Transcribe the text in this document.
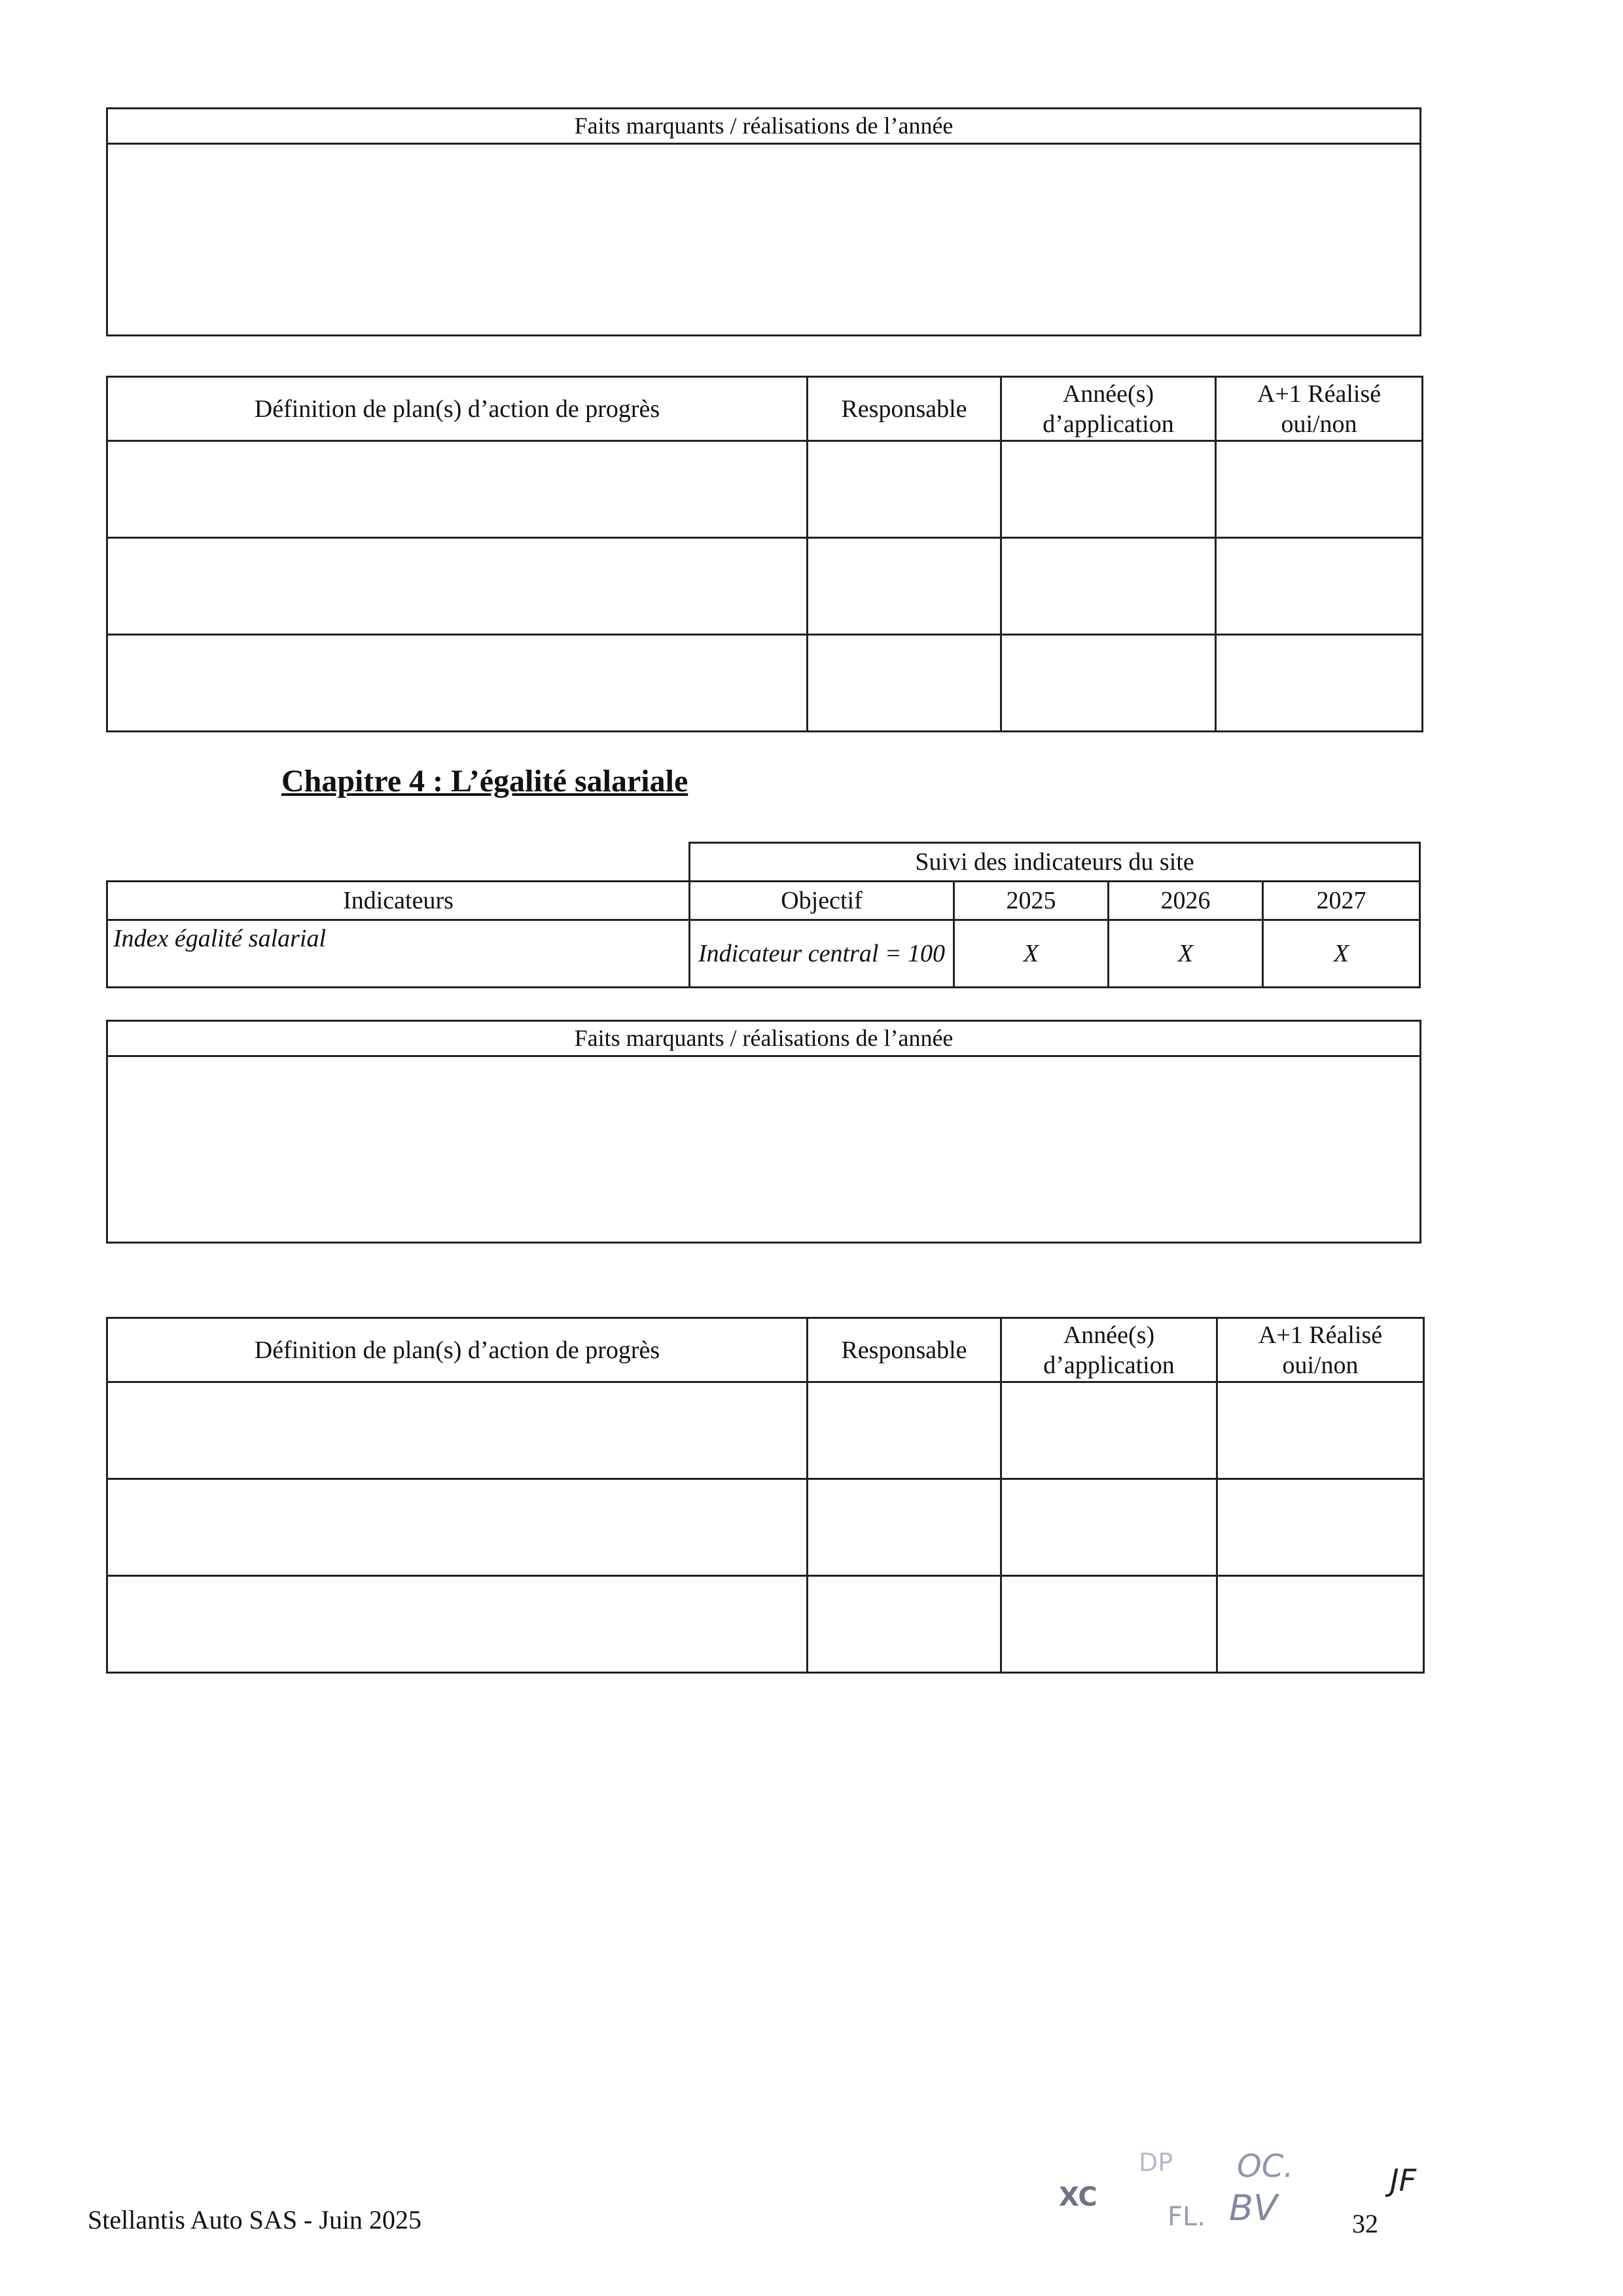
Faits marquants / réalisations de l’année
Définition de plan(s) d’action de progrès	Responsable	Année(s) d’application	A+1 Réalisé oui/non

Chapitre 4 : L’égalité salariale
	Suivi des indicateurs du site			
Indicateurs	Objectif	2025	2026	2027
Index égalité salarial	Indicateur central = 100	X	X	X
Faits marquants / réalisations de l’année
Définition de plan(s) d’action de progrès	Responsable	Année(s) d’application	A+1 Réalisé oui/non

Stellantis Auto SAS - Juin 2025	32
XC
DP OC.	JF
FL. BV
